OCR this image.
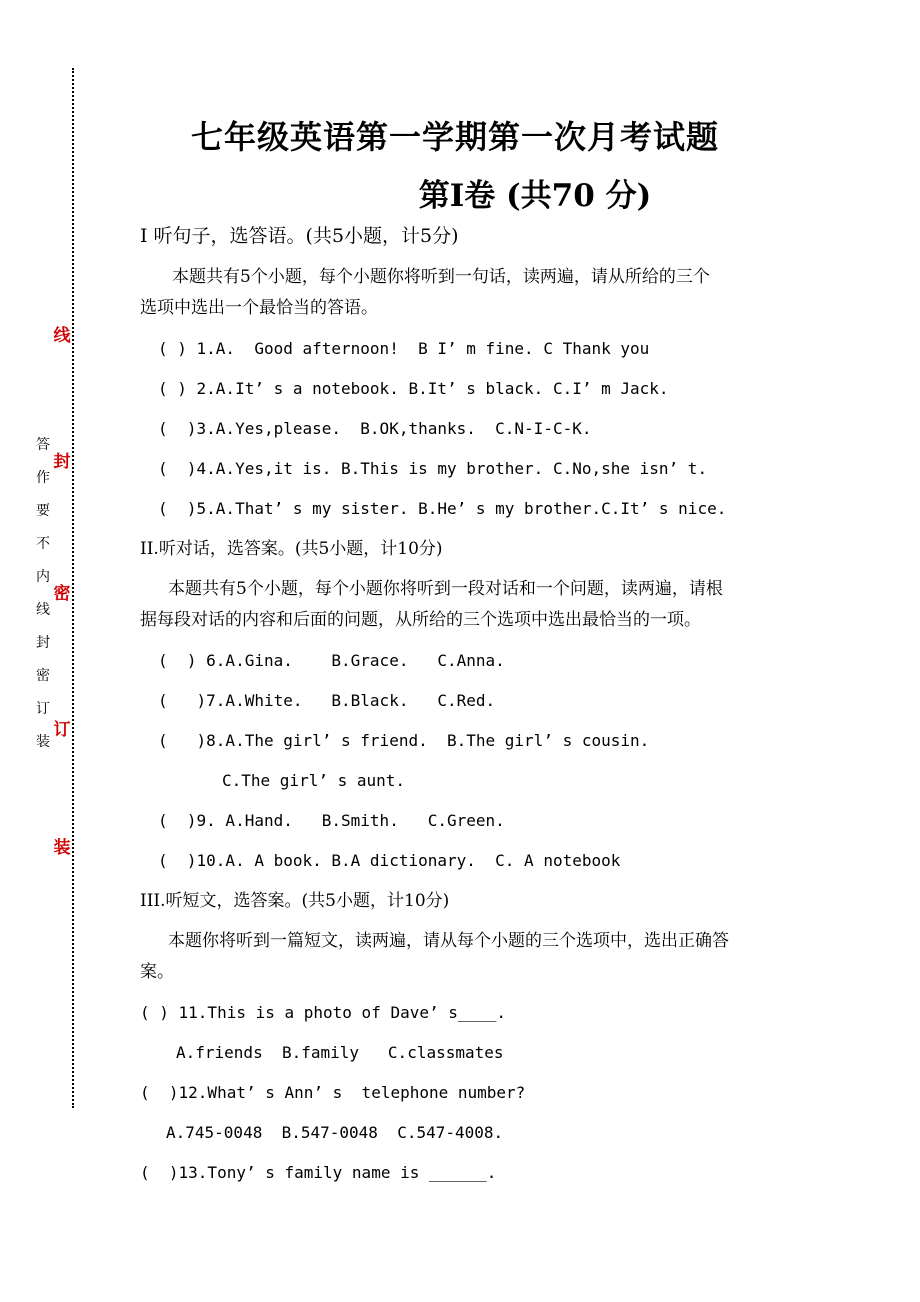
线
封
密
订
装
答
作
要
不
内
线
封
密
订
装
七年级英语第一学期第一次月考试题
第Ⅰ卷 (共70 分)
I 听句子，选答语。(共5小题，计5分)
本题共有5个小题，每个小题你将听到一句话，读两遍，请从所给的三个
选项中选出一个最恰当的答语。
( ) 1.A.  Good afternoon!  B I’ m fine. C Thank you
( ) 2.A.It’ s a notebook. B.It’ s black. C.I’ m Jack.
(  )3.A.Yes,please.  B.OK,thanks.  C.N-I-C-K.
(  )4.A.Yes,it is. B.This is my brother. C.No,she isn’ t.
(  )5.A.That’ s my sister. B.He’ s my brother.C.It’ s nice.
II.听对话，选答案。(共5小题，计10分)
本题共有5个小题，每个小题你将听到一段对话和一个问题，读两遍，请根
据每段对话的内容和后面的问题，从所给的三个选项中选出最恰当的一项。
(  ) 6.A.Gina.    B.Grace.   C.Anna.
(   )7.A.White.   B.Black.   C.Red.
(   )8.A.The girl’ s friend.  B.The girl’ s cousin.
C.The girl’ s aunt.
(  )9. A.Hand.   B.Smith.   C.Green.
(  )10.A. A book. B.A dictionary.  C. A notebook
III.听短文，选答案。(共5小题，计10分)
本题你将听到一篇短文，读两遍，请从每个小题的三个选项中，选出正确答
案。
( ) 11.This is a photo of Dave’ s____.
A.friends  B.family   C.classmates
(  )12.What’ s Ann’ s  telephone number?
A.745-0048  B.547-0048  C.547-4008.
(  )13.Tony’ s family name is ______.
